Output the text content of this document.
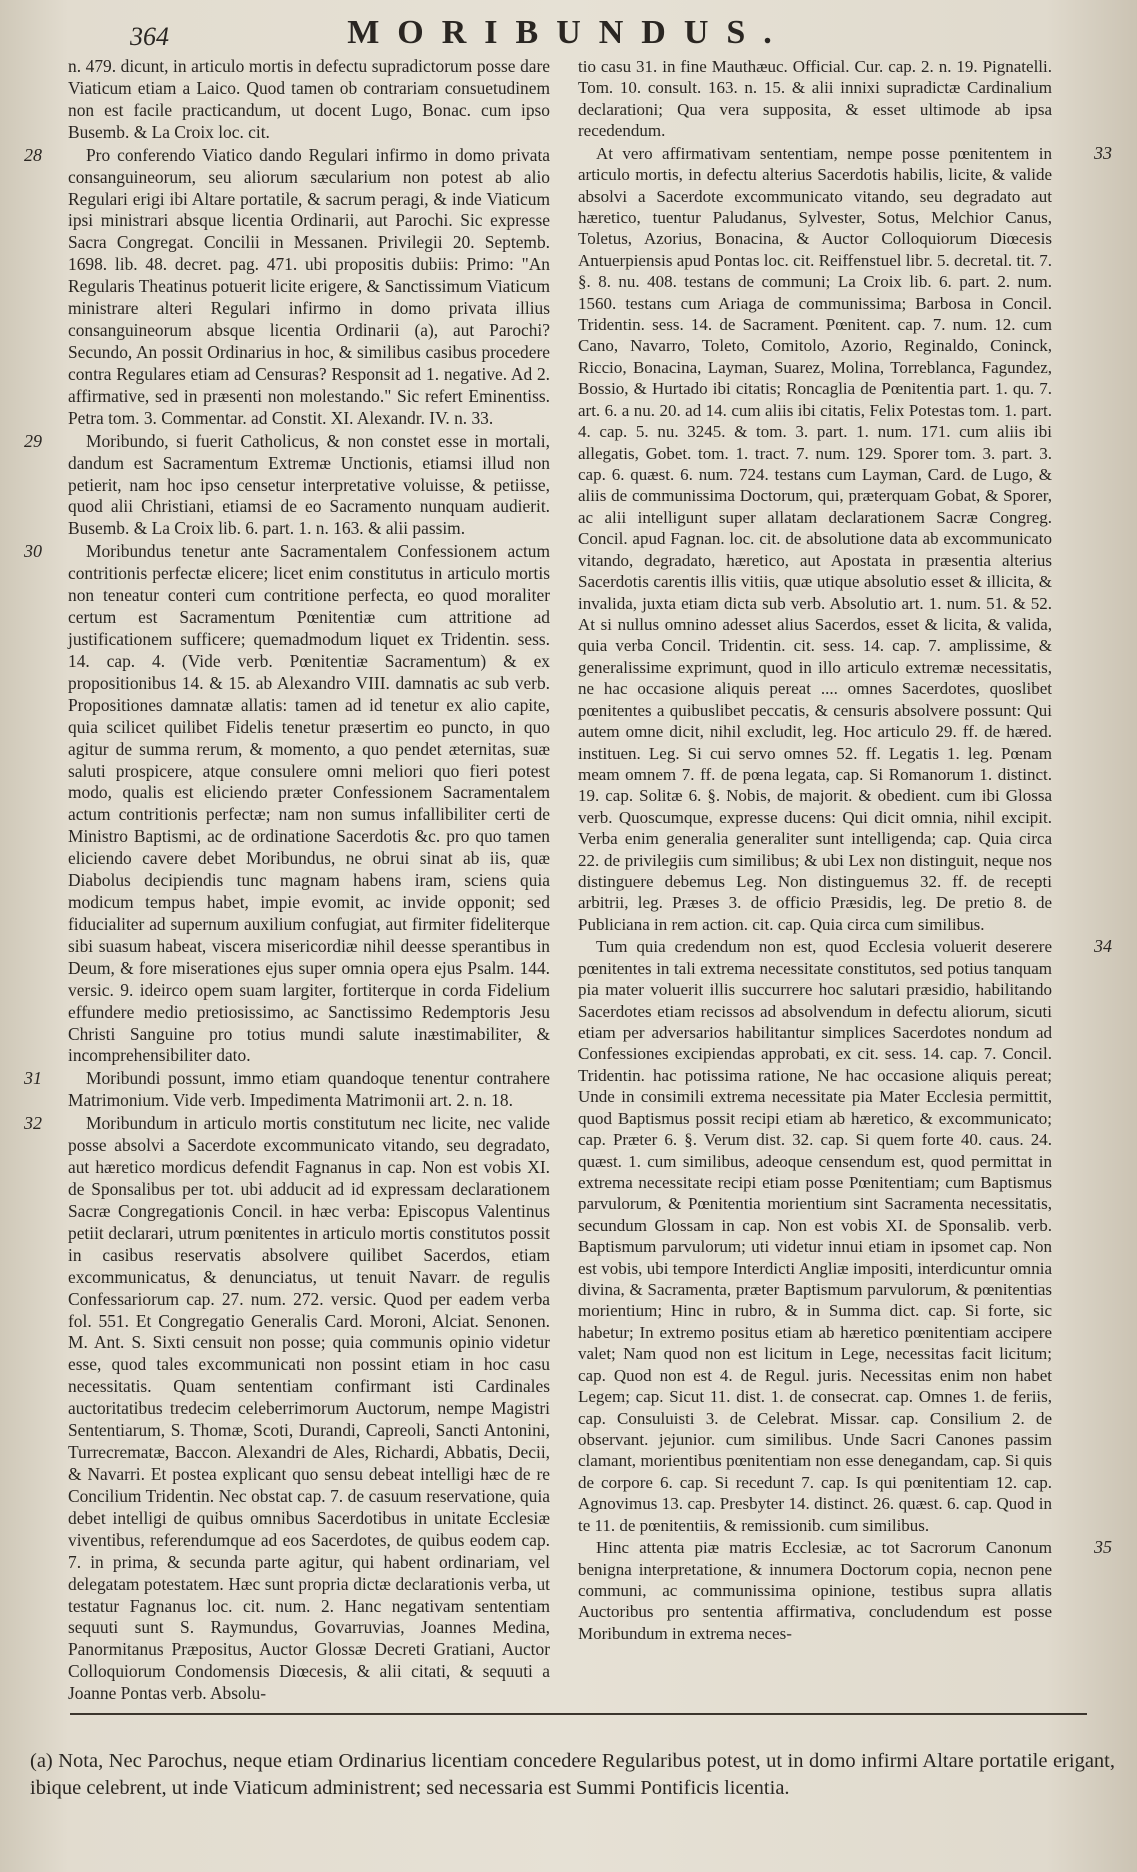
364	MORIBUNDUS.

n. 479. dicunt, in articulo mortis in defectu supradictorum posse dare Viaticum etiam a Laico. Quod tamen ob contrariam consuetudinem non est facile practicandum, ut docent Lugo, Bonac. cum ipso Busemb. & La Croix loc. cit.

28	Pro conferendo Viatico dando Regulari infirmo in domo privata consanguineorum, seu aliorum sæcularium non potest ab alio Regulari erigi ibi Altare portatile, & sacrum peragi, & inde Viaticum ipsi ministrari absque licentia Ordinarii, aut Parochi. Sic expresse Sacra Congregat. Concilii in Messanen. Privilegii 20. Septemb. 1698. lib. 48. decret. pag. 471. ubi propositis dubiis: Primo: "An Regularis Theatinus potuerit licite erigere, & Sanctissimum Viaticum ministrare alteri Regulari infirmo in domo privata illius consanguineorum absque licentia Ordinarii (a), aut Parochi? Secundo, An possit Ordinarius in hoc, & similibus casibus procedere contra Regulares etiam ad Censuras? Responsit ad 1. negative. Ad 2. affirmative, sed in præsenti non molestando." Sic refert Eminentiss. Petra tom. 3. Commentar. ad Constit. XI. Alexandr. IV. n. 33.

29	Moribundo, si fuerit Catholicus, & non constet esse in mortali, dandum est Sacramentum Extremæ Unctionis, etiamsi illud non petierit, nam hoc ipso censetur interpretative voluisse, & petiisse, quod alii Christiani, etiamsi de eo Sacramento nunquam audierit. Busemb. & La Croix lib. 6. part. 1. n. 163. & alii passim.

30	Moribundus tenetur ante Sacramentalem Confessionem actum contritionis perfectæ elicere; licet enim constitutus in articulo mortis non teneatur conteri cum contritione perfecta, eo quod moraliter certum est Sacramentum Pœnitentiæ cum attritione ad justificationem sufficere; quemadmodum liquet ex Tridentin. sess. 14. cap. 4. (Vide verb. Pœnitentiæ Sacramentum) & ex propositionibus 14. & 15. ab Alexandro VIII. damnatis ac sub verb. Propositiones damnatæ allatis: tamen ad id tenetur ex alio capite, quia scilicet quilibet Fidelis tenetur præsertim eo puncto, in quo agitur de summa rerum, & momento, a quo pendet æternitas, suæ saluti prospicere, atque consulere omni meliori quo fieri potest modo, qualis est eliciendo præter Confessionem Sacramentalem actum contritionis perfectæ; nam non sumus infallibiliter certi de Ministro Baptismi, ac de ordinatione Sacerdotis &c. pro quo tamen eliciendo cavere debet Moribundus, ne obrui sinat ab iis, quæ Diabolus decipiendis tunc magnam habens iram, sciens quia modicum tempus habet, impie evomit, ac invide opponit; sed fiducialiter ad supernum auxilium confugiat, aut firmiter fideliterque sibi suasum habeat, viscera misericordiæ nihil deesse sperantibus in Deum, & fore miserationes ejus super omnia opera ejus Psalm. 144. versic. 9. ideirco opem suam largiter, fortiterque in corda Fidelium effundere medio pretiosissimo, ac Sanctissimo Redemptoris Jesu Christi Sanguine pro totius mundi salute inæstimabiliter, & incomprehensibiliter dato.

31	Moribundi possunt, immo etiam quandoque tenentur contrahere Matrimonium. Vide verb. Impedimenta Matrimonii art. 2. n. 18.

32	Moribundum in articulo mortis constitutum nec licite, nec valide posse absolvi a Sacerdote excommunicato vitando, seu degradato, aut hæretico mordicus defendit Fagnanus in cap. Non est vobis XI. de Sponsalibus per tot. ubi adducit ad id expressam declarationem Sacræ Congregationis Concil. in hæc verba: Episcopus Valentinus petiit declarari, utrum pœnitentes in articulo mortis constitutos possit in casibus reservatis absolvere quilibet Sacerdos, etiam excommunicatus, & denunciatus, ut tenuit Navarr. de regulis Confessariorum cap. 27. num. 272. versic. Quod per eadem verba fol. 551. Et Congregatio Generalis Card. Moroni, Alciat. Senonen. M. Ant. S. Sixti censuit non posse; quia communis opinio videtur esse, quod tales excommunicati non possint etiam in hoc casu necessitatis. Quam sententiam confirmant isti Cardinales auctoritatibus tredecim celeberrimorum Auctorum, nempe Magistri Sententiarum, S. Thomæ, Scoti, Durandi, Capreoli, Sancti Antonini, Turrecrematæ, Baccon. Alexandri de Ales, Richardi, Abbatis, Decii, & Navarri. Et postea explicant quo sensu debeat intelligi hæc de re Concilium Tridentin. Nec obstat cap. 7. de casuum reservatione, quia debet intelligi de quibus omnibus Sacerdotibus in unitate Ecclesiæ viventibus, referendumque ad eos Sacerdotes, de quibus eodem cap. 7. in prima, & secunda parte agitur, qui habent ordinariam, vel delegatam potestatem. Hæc sunt propria dictæ declarationis verba, ut testatur Fagnanus loc. cit. num. 2. Hanc negativam sententiam sequuti sunt S. Raymundus, Govarruvias, Joannes Medina, Panormitanus Præpositus, Auctor Glossæ Decreti Gratiani, Auctor Colloquiorum Condomensis Diœcesis, & alii citati, & sequuti a Joanne Pontas verb. Absolu-

tio casu 31. in fine Mauthæuc. Official. Cur. cap. 2. n. 19. Pignatelli. Tom. 10. consult. 163. n. 15. & alii innixi supradictæ Cardinalium declarationi; Qua vera supposita, & esset ultimode ab ipsa recedendum.

33

At vero affirmativam sententiam, nempe posse pœnitentem in articulo mortis, in defectu alterius Sacerdotis habilis, licite, & valide absolvi a Sacerdote excommunicato vitando, seu degradato aut hæretico, tuentur Paludanus, Sylvester, Sotus, Melchior Canus, Toletus, Azorius, Bonacina, & Auctor Colloquiorum Diœcesis Antuerpiensis apud Pontas loc. cit. Reiffenstuel libr. 5. decretal. tit. 7. §. 8. nu. 408. testans de communi; La Croix lib. 6. part. 2. num. 1560. testans cum Ariaga de communissima; Barbosa in Concil. Tridentin. sess. 14. de Sacrament. Pœnitent. cap. 7. num. 12. cum Cano, Navarro, Toleto, Comitolo, Azorio, Reginaldo, Coninck, Riccio, Bonacina, Layman, Suarez, Molina, Torreblanca, Fagundez, Bossio, & Hurtado ibi citatis; Roncaglia de Pœnitentia part. 1. qu. 7. art. 6. a nu. 20. ad 14. cum aliis ibi citatis, Felix Potestas tom. 1. part. 4. cap. 5. nu. 3245. & tom. 3. part. 1. num. 171. cum aliis ibi allegatis, Gobet. tom. 1. tract. 7. num. 129. Sporer tom. 3. part. 3. cap. 6. quæst. 6. num. 724. testans cum Layman, Card. de Lugo, & aliis de communissima Doctorum, qui, præterquam Gobat, & Sporer, ac alii intelligunt super allatam declarationem Sacræ Congreg. Concil. apud Fagnan. loc. cit. de absolutione data ab excommunicato vitando, degradato, hæretico, aut Apostata in præsentia alterius Sacerdotis carentis illis vitiis, quæ utique absolutio esset & illicita, & invalida, juxta etiam dicta sub verb. Absolutio art. 1. num. 51. & 52. At si nullus omnino adesset alius Sacerdos, esset & licita, & valida, quia verba Concil. Tridentin. cit. sess. 14. cap. 7. amplissime, & generalissime exprimunt, quod in illo articulo extremæ necessitatis, ne hac occasione aliquis pereat .... omnes Sacerdotes, quoslibet pœnitentes a quibuslibet peccatis, & censuris absolvere possunt: Qui autem omne dicit, nihil excludit, leg. Hoc articulo 29. ff. de hæred. instituen. Leg. Si cui servo omnes 52. ff. Legatis 1. leg. Pœnam meam omnem 7. ff. de pœna legata, cap. Si Romanorum 1. distinct. 19. cap. Solitæ 6. §. Nobis, de majorit. & obedient. cum ibi Glossa verb. Quoscumque, expresse ducens: Qui dicit omnia, nihil excipit. Verba enim generalia generaliter sunt intelligenda; cap. Quia circa 22. de privilegiis cum similibus; & ubi Lex non distinguit, neque nos distinguere debemus Leg. Non distinguemus 32. ff. de recepti arbitrii, leg. Præses 3. de officio Præsidis, leg. De pretio 8. de Publiciana in rem action. cit. cap. Quia circa cum similibus.

34

Tum quia credendum non est, quod Ecclesia voluerit deserere pœnitentes in tali extrema necessitate constitutos, sed potius tanquam pia mater voluerit illis succurrere hoc salutari præsidio, habilitando Sacerdotes etiam recissos ad absolvendum in defectu aliorum, sicuti etiam per adversarios habilitantur simplices Sacerdotes nondum ad Confessiones excipiendas approbati, ex cit. sess. 14. cap. 7. Concil. Tridentin. hac potissima ratione, Ne hac occasione aliquis pereat; Unde in consimili extrema necessitate pia Mater Ecclesia permittit, quod Baptismus possit recipi etiam ab hæretico, & excommunicato; cap. Præter 6. §. Verum dist. 32. cap. Si quem forte 40. caus. 24. quæst. 1. cum similibus, adeoque censendum est, quod permittat in extrema necessitate recipi etiam posse Pœnitentiam; cum Baptismus parvulorum, & Pœnitentia morientium sint Sacramenta necessitatis, secundum Glossam in cap. Non est vobis XI. de Sponsalib. verb. Baptismum parvulorum; uti videtur innui etiam in ipsomet cap. Non est vobis, ubi tempore Interdicti Angliæ impositi, interdicuntur omnia divina, & Sacramenta, præter Baptismum parvulorum, & pœnitentias morientium; Hinc in rubro, & in Summa dict. cap. Si forte, sic habetur; In extremo positus etiam ab hæretico pœnitentiam accipere valet; Nam quod non est licitum in Lege, necessitas facit licitum; cap. Quod non est 4. de Regul. juris. Necessitas enim non habet Legem; cap. Sicut 11. dist. 1. de consecrat. cap. Omnes 1. de feriis, cap. Consuluisti 3. de Celebrat. Missar. cap. Consilium 2. de observant. jejunior. cum similibus. Unde Sacri Canones passim clamant, morientibus pœnitentiam non esse denegandam, cap. Si quis de corpore 6. cap. Si recedunt 7. cap. Is qui pœnitentiam 12. cap. Agnovimus 13. cap. Presbyter 14. distinct. 26. quæst. 6. cap. Quod in te 11. de pœnitentiis, & remissionib. cum similibus.

35

Hinc attenta piæ matris Ecclesiæ, ac tot Sacrorum Canonum benigna interpretatione, & innumera Doctorum copia, necnon pene communi, ac communissima opinione, testibus supra allatis Auctoribus pro sententia affirmativa, concludendum est posse Moribundum in extrema neces-

(a) Nota, Nec Parochus, neque etiam Ordinarius licentiam concedere Regularibus potest, ut in domo infirmi Altare portatile erigant, ibique celebrent, ut inde Viaticum administrent; sed necessaria est Summi Pontificis licentia.
